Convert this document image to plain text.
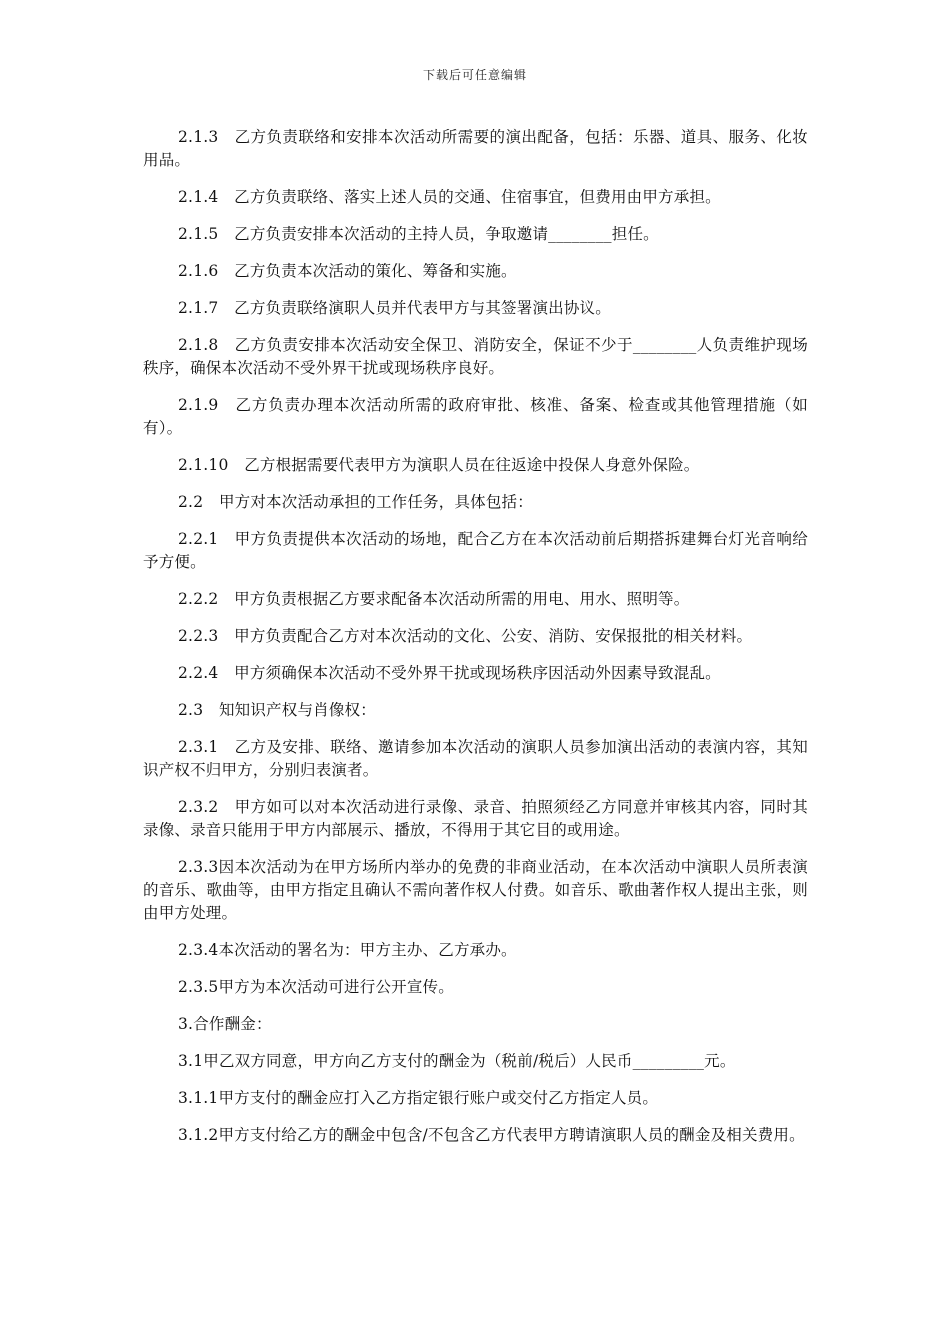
下载后可任意编辑

2.1.3　乙方负责联络和安排本次活动所需要的演出配备，包括：乐器、道具、服务、化妆用品。

2.1.4　乙方负责联络、落实上述人员的交通、住宿事宜，但费用由甲方承担。

2.1.5　乙方负责安排本次活动的主持人员，争取邀请________担任。

2.1.6　乙方负责本次活动的策化、筹备和实施。

2.1.7　乙方负责联络演职人员并代表甲方与其签署演出协议。

2.1.8　乙方负责安排本次活动安全保卫、消防安全，保证不少于________人负责维护现场秩序，确保本次活动不受外界干扰或现场秩序良好。

2.1.9　乙方负责办理本次活动所需的政府审批、核准、备案、检查或其他管理措施（如有）。

2.1.10　乙方根据需要代表甲方为演职人员在往返途中投保人身意外保险。

2.2　甲方对本次活动承担的工作任务，具体包括：

2.2.1　甲方负责提供本次活动的场地，配合乙方在本次活动前后期搭拆建舞台灯光音响给予方便。

2.2.2　甲方负责根据乙方要求配备本次活动所需的用电、用水、照明等。

2.2.3　甲方负责配合乙方对本次活动的文化、公安、消防、安保报批的相关材料。

2.2.4　甲方须确保本次活动不受外界干扰或现场秩序因活动外因素导致混乱。

2.3　知知识产权与肖像权：

2.3.1　乙方及安排、联络、邀请参加本次活动的演职人员参加演出活动的表演内容，其知识产权不归甲方，分别归表演者。

2.3.2　甲方如可以对本次活动进行录像、录音、拍照须经乙方同意并审核其内容，同时其录像、录音只能用于甲方内部展示、播放，不得用于其它目的或用途。

2.3.3因本次活动为在甲方场所内举办的免费的非商业活动，在本次活动中演职人员所表演的音乐、歌曲等，由甲方指定且确认不需向著作权人付费。如音乐、歌曲著作权人提出主张，则由甲方处理。

2.3.4本次活动的署名为：甲方主办、乙方承办。

2.3.5甲方为本次活动可进行公开宣传。

3.合作酬金：

3.1甲乙双方同意，甲方向乙方支付的酬金为（税前/税后）人民币_________元。

3.1.1甲方支付的酬金应打入乙方指定银行账户或交付乙方指定人员。

3.1.2甲方支付给乙方的酬金中包含/不包含乙方代表甲方聘请演职人员的酬金及相关费用。
